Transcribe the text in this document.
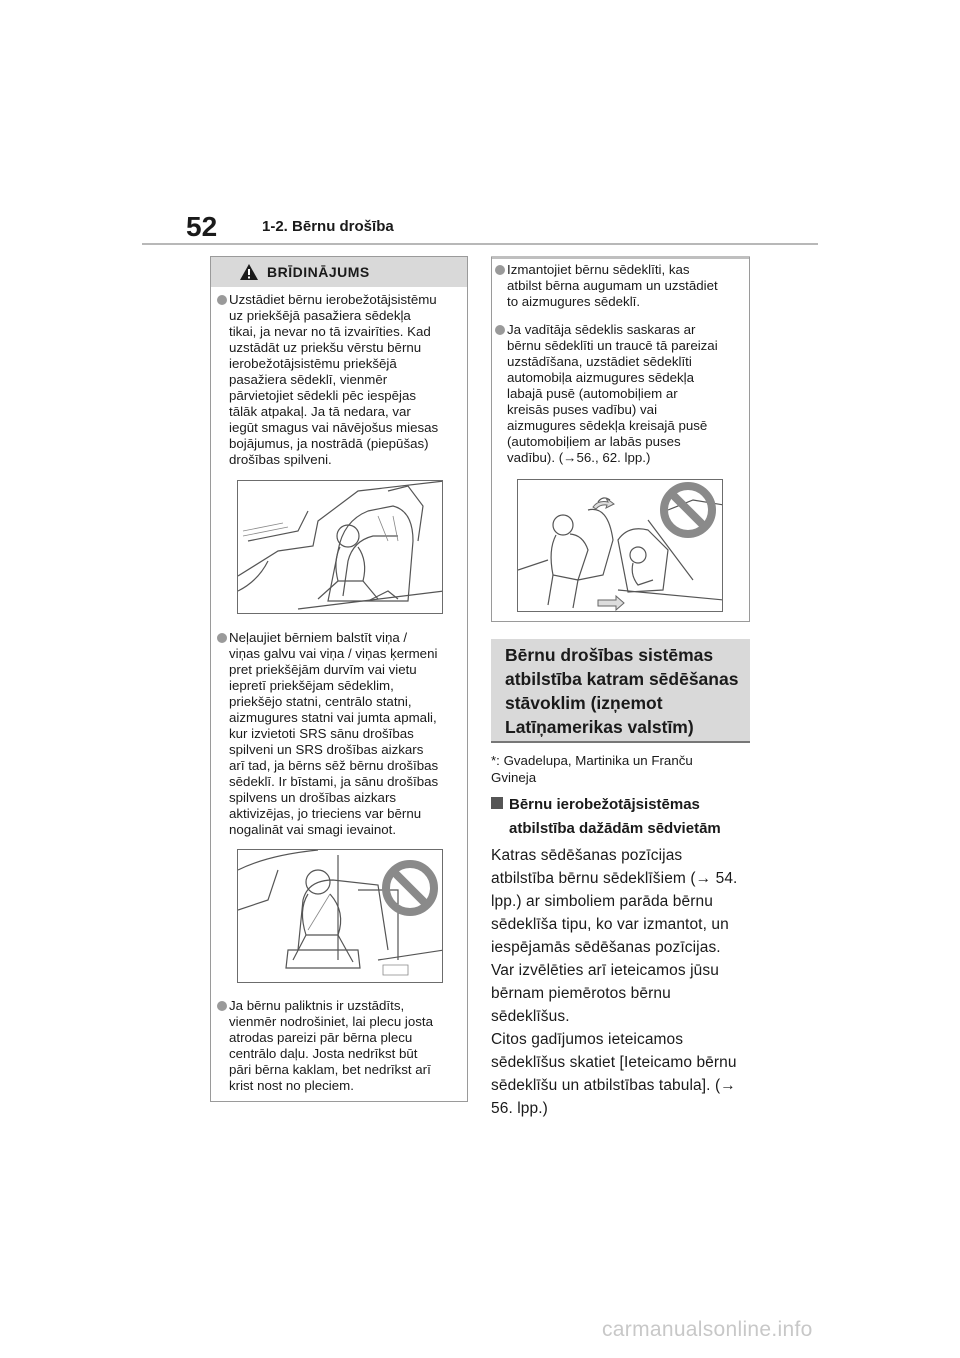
52	1-2. Bērnu drošība
BRĪDINĀJUMS
Uzstādiet bērnu ierobežotājsistēmu
uz priekšējā pasažiera sēdekļa
tikai, ja nevar no tā izvairīties. Kad
uzstādāt uz priekšu vērstu bērnu
ierobežotājsistēmu priekšējā
pasažiera sēdeklī, vienmēr
pārvietojiet sēdekli pēc iespējas
tālāk atpakaļ. Ja tā nedara, var
iegūt smagus vai nāvējošus miesas
bojājumus, ja nostrādā (piepūšas)
drošības spilveni.
Neļaujiet bērniem balstīt viņa /
viņas galvu vai viņa / viņas ķermeni
pret priekšējām durvīm vai vietu
iepretī priekšējam sēdeklim,
priekšējo statni, centrālo statni,
aizmugures statni vai jumta apmali,
kur izvietoti SRS sānu drošības
spilveni un SRS drošības aizkars
arī tad, ja bērns sēž bērnu drošības
sēdeklī. Ir bīstami, ja sānu drošības
spilvens un drošības aizkars
aktivizējas, jo trieciens var bērnu
nogalināt vai smagi ievainot.
Ja bērnu paliktnis ir uzstādīts,
vienmēr nodrošiniet, lai plecu josta
atrodas pareizi pār bērna plecu
centrālo daļu. Josta nedrīkst būt
pāri bērna kaklam, bet nedrīkst arī
krist nost no pleciem.
Izmantojiet bērnu sēdeklīti, kas
atbilst bērna augumam un uzstādiet
to aizmugures sēdeklī.
Ja vadītāja sēdeklis saskaras ar
bērnu sēdeklīti un traucē tā pareizai
uzstādīšana, uzstādiet sēdeklīti
automobiļa aizmugures sēdekļa
labajā pusē (automobiļiem ar
kreisās puses vadību) vai
aizmugures sēdekļa kreisajā pusē
(automobiļiem ar labās puses
vadību). (→56., 62. lpp.)
Bērnu drošības sistēmas
atbilstība katram sēdēšanas
stāvoklim (izņemot
Latīņamerikas valstīm)
*: Gvadelupa, Martinika un Franču
Gvineja
Bērnu ierobežotājsistēmas
atbilstība dažādām sēdvietām
Katras sēdēšanas pozīcijas
atbilstība bērnu sēdeklīšiem (→ 54.
lpp.) ar simboliem parāda bērnu
sēdeklīša tipu, ko var izmantot, un
iespējamās sēdēšanas pozīcijas.
Var izvēlēties arī ieteicamos jūsu
bērnam piemērotos bērnu
sēdeklīšus.
Citos gadījumos ieteicamos
sēdeklīšus skatiet [Ieteicamo bērnu
sēdeklīšu un atbilstības tabula]. (→
56. lpp.)
carmanualsonline.info
